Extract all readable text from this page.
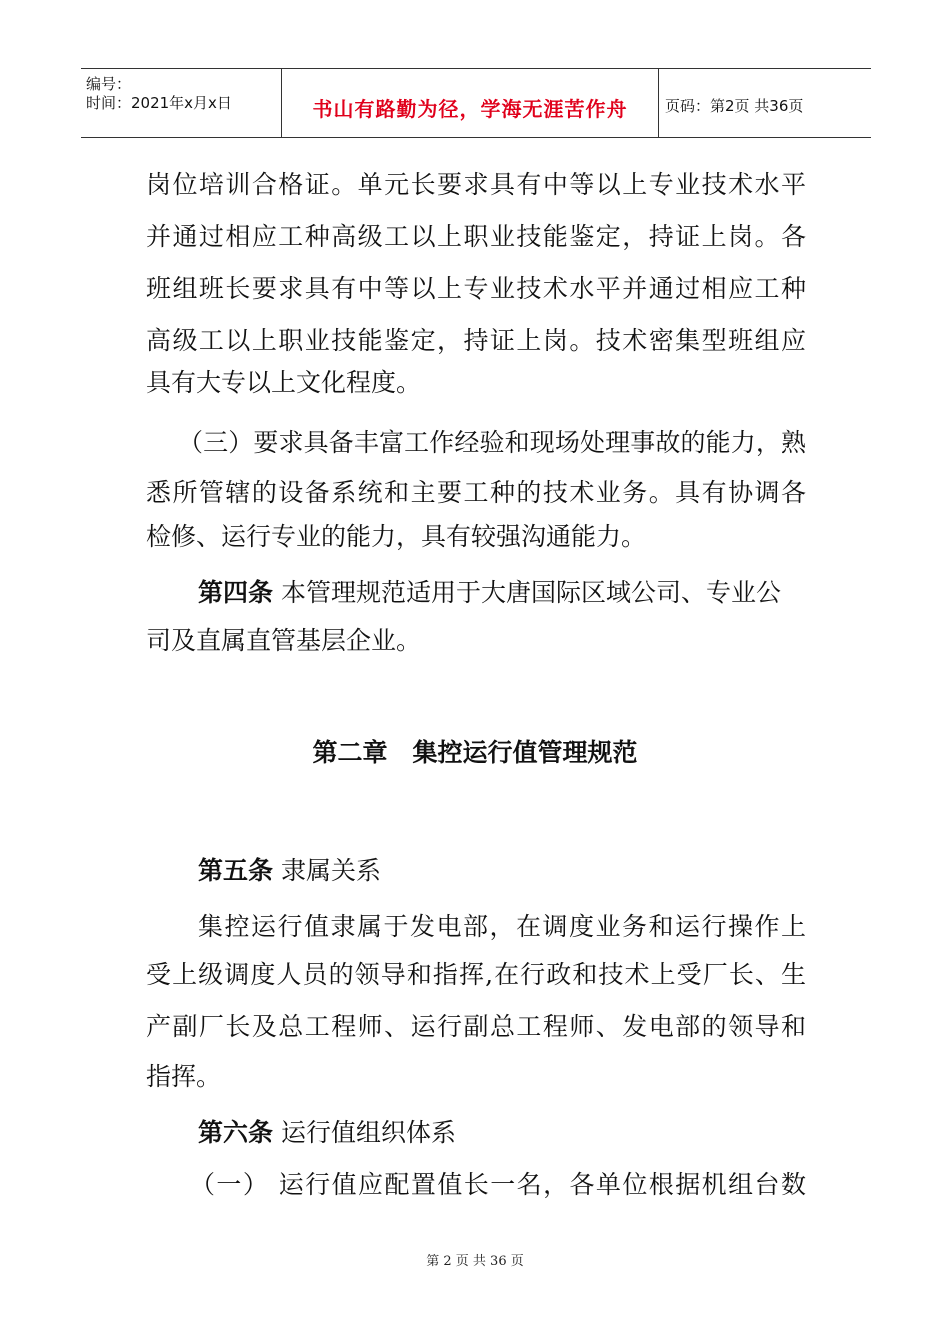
编号：
时间：2021年x月x日	书山有路勤为径，学海无涯苦作舟	页码：第2页 共36页
岗位培训合格证。单元长要求具有中等以上专业技术水平
并通过相应工种高级工以上职业技能鉴定，持证上岗。各
班组班长要求具有中等以上专业技术水平并通过相应工种
高级工以上职业技能鉴定，持证上岗。技术密集型班组应
具有大专以上文化程度。
（三）要求具备丰富工作经验和现场处理事故的能力，熟
悉所管辖的设备系统和主要工种的技术业务。具有协调各
检修、运行专业的能力，具有较强沟通能力。
第四条 本管理规范适用于大唐国际区域公司、专业公
司及直属直管基层企业。
第二章　集控运行值管理规范
第五条 隶属关系
集控运行值隶属于发电部，在调度业务和运行操作上
受上级调度人员的领导和指挥,在行政和技术上受厂长、生
产副厂长及总工程师、运行副总工程师、发电部的领导和
指挥。
第六条 运行值组织体系
（一） 运行值应配置值长一名，各单位根据机组台数
第 2 页 共 36 页
